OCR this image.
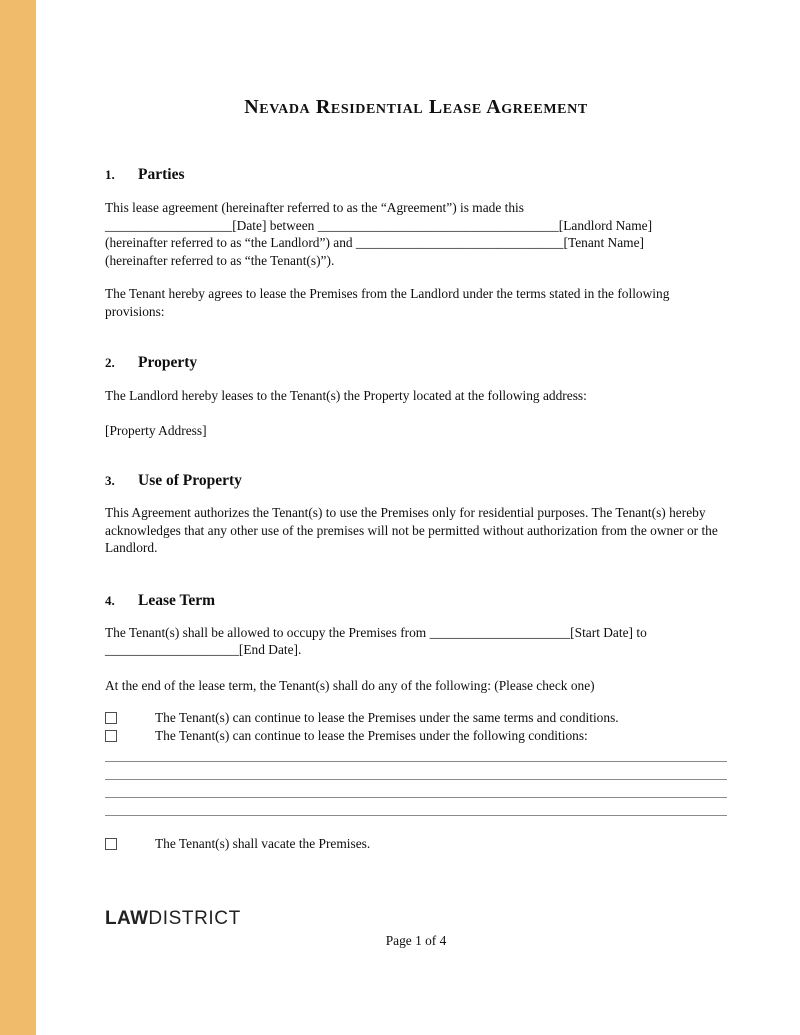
Nevada Residential Lease Agreement
1.	Parties
This lease agreement (hereinafter referred to as the “Agreement”) is made this
___________________[Date] between ____________________________________[Landlord Name]
(hereinafter referred to as “the Landlord”) and _______________________________[Tenant Name]
(hereinafter referred to as “the Tenant(s)”).

The Tenant hereby agrees to lease the Premises from the Landlord under the terms stated in the following provisions:

2.	Property

The Landlord hereby leases to the Tenant(s) the Property located at the following address:

[Property Address]

3.	Use of Property

This Agreement authorizes the Tenant(s) to use the Premises only for residential purposes. The Tenant(s) hereby acknowledges that any other use of the premises will not be permitted without authorization from the owner or the Landlord.

4.	Lease Term
The Tenant(s) shall be allowed to occupy the Premises from _____________________[Start Date] to
____________________[End Date].

At the end of the lease term, the Tenant(s) shall do any of the following: (Please check one)

The Tenant(s) can continue to lease the Premises under the same terms and conditions.
The Tenant(s) can continue to lease the Premises under the following conditions:
The Tenant(s) shall vacate the Premises.
LAWDISTRICT
Page 1 of 4
